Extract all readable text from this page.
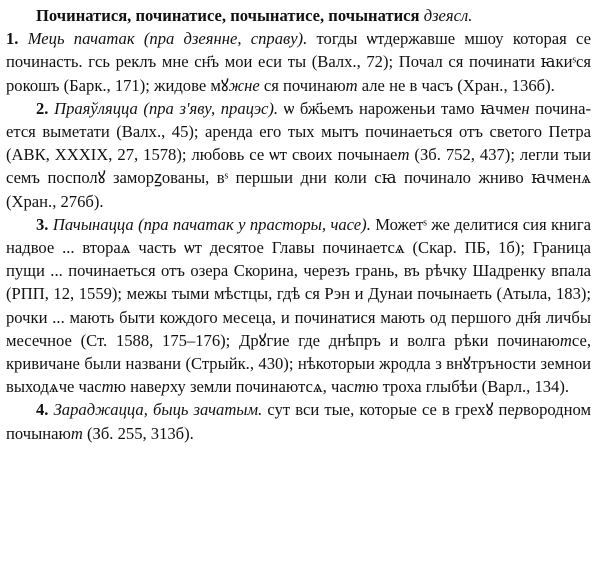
Починатися, починатисе, почынатисе, почынатися дзеясл.

1. Мець пачатак (пра дзеянне, справу). тогды ѡтдержавше мшоу которая се починасть. гсь реклъ мне сн҃ъ мои еси ты (Валх., 72); Почал ся починати ꙗкиˢся рокошъ (Барк., 171); жидове мꙋжне ся починают але не в часъ (Хран., 136б).

2. Праяўляцца (пра з'яву, працэс). ѡ бж҃ьемъ нароженьи тамо ꙗчмен починается выметати (Валх., 45); аренда его тых мытъ починаеться отъ светого Петра (АВК, XXXIX, 27, 1578); любовь се ѡт своих почынает (Зб. 752, 437); легли тыи семъ посполꙋ заморꙁованы, вˢ першыи дни коли сꙗ починало жниво ꙗчменѧ (Хран., 276б).

3. Пачынацца (пра пачатак у прасторы, часе). Можетˢ же делитися сия книга надвое ... втораѧ часть ѡт десятое Главы починаетсѧ (Скар. ПБ, 1б); Граница пущи ... починаеться отъ озера Скорина, черезъ грань, въ рѣчку Шадренку впала (РПП, 12, 1559); межы тыми мѣстцы, гдѣ ся Рэн и Дунаи почынаеть (Атыла, 183); рочки ... мають быти кождого месеца, и починатися мають од першого дн҃я личбы месечное (Ст. 1588, 175–176); Дрꙋгие где днѣпръ и волга рѣки починаютсе, кривичане были названи (Стрыйк., 430); нѣкоторыи жродла з внꙋтръности земнои выходѧче частю наверху земли починаютсѧ, частю троха глыбѣи (Варл., 134).

4. Зараджацца, быць зачатым. сут вси тые, которые се в грехꙋ первородном почынают (Зб. 255, 313б).
